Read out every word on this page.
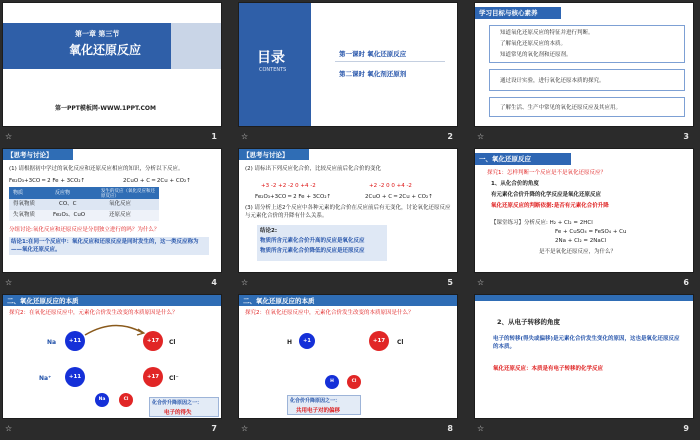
第一章 第三节
氧化还原反应
第一PPT模板网-WWW.1PPT.COM
☆	1
目录
CONTENTS
第一课时 氧化还原反应
第二课时 氧化剂还原剂
☆	2
学习目标与核心素养
知道氧化还原反应的特征并进行判断。
了解氧化还原反应的本质。
知道常见的氧化剂和还原剂。
通过设计实验，进行氧化还原本质的探究。
了解生活、生产中常见的氧化还原反应及其应用。
☆	3
【思考与讨论】
(1) 请根据初中学过的氧化反应和还原反应相应的知识，分析以下反应。
Fe₂O₃+3CO ═ 2 Fe + 3CO₂↑	2CuO + C ═ 2Cu + CO₂↑
物质	反应物	发生的反应（氧化反应和还原反应）
得氧物质	CO、C	氧化反应
失氧物质	Fe₂O₃、CuO	还原反应
分组讨论:氧化反应和还原反应是分别独立进行的吗？为什么？
结论1:在同一个反应中：氧化反应和还原反应是同时发生的，这一类反应称为——氧化还原反应。
☆	4
【思考与讨论】
(2) 请标出下列反应化合价，比较反应前后化合价的变化
+3 -2 +2 -2 0 +4 -2	+2 -2 0 0 +4 -2
Fe₂O₃+3CO ═ 2 Fe + 3CO₂↑	2CuO + C ═ 2Cu + CO₂↑
(3) 请分析上述2个反应中各种元素的化合价在反应前后有无变化，讨论氧化还原反应与元素化合价的升降有什么关系。
结论2:
物质所含元素化合价升高的反应是氧化反应
物质所含元素化合价降低的反应是还原反应
☆	5
一、氧化还原反应
探究1：怎样判断一个反应是不是氧化还原反应？
1、从化合价的角度
有元素化合价升降的化学反应是氧化还原反应
氧化还原反应的判断依据:是否有元素化合价升降
【课堂练习】分析反应: H₂ + Cl₂ = 2HCl
Fe + CuSO₄ = FeSO₄ + Cu
2Na + Cl₂ = 2NaCl
是不是氧化还原反应，为什么？
☆	6
二、氧化还原反应的本质
探究2：在氧化还原反应中，元素化合价发生改变的本质原因是什么？
Na	+11	+17	Cl
Na⁺	+11	+17	Cl⁻
Na	Cl
化合价升降原因之一：
电子的得失
☆	7
二、氧化还原反应的本质
探究2：在氧化还原反应中，元素化合价发生改变的本质原因是什么？
H	+1	+17	Cl
H	Cl
化合价升降原因之一：
共用电子对的偏移
☆	8
2、从电子转移的角度
电子的转移(得失或偏移)是元素化合价发生变化的原因，这也是氧化还原反应的本质。
氧化还原反应：本质是有电子转移的化学反应
☆	9
